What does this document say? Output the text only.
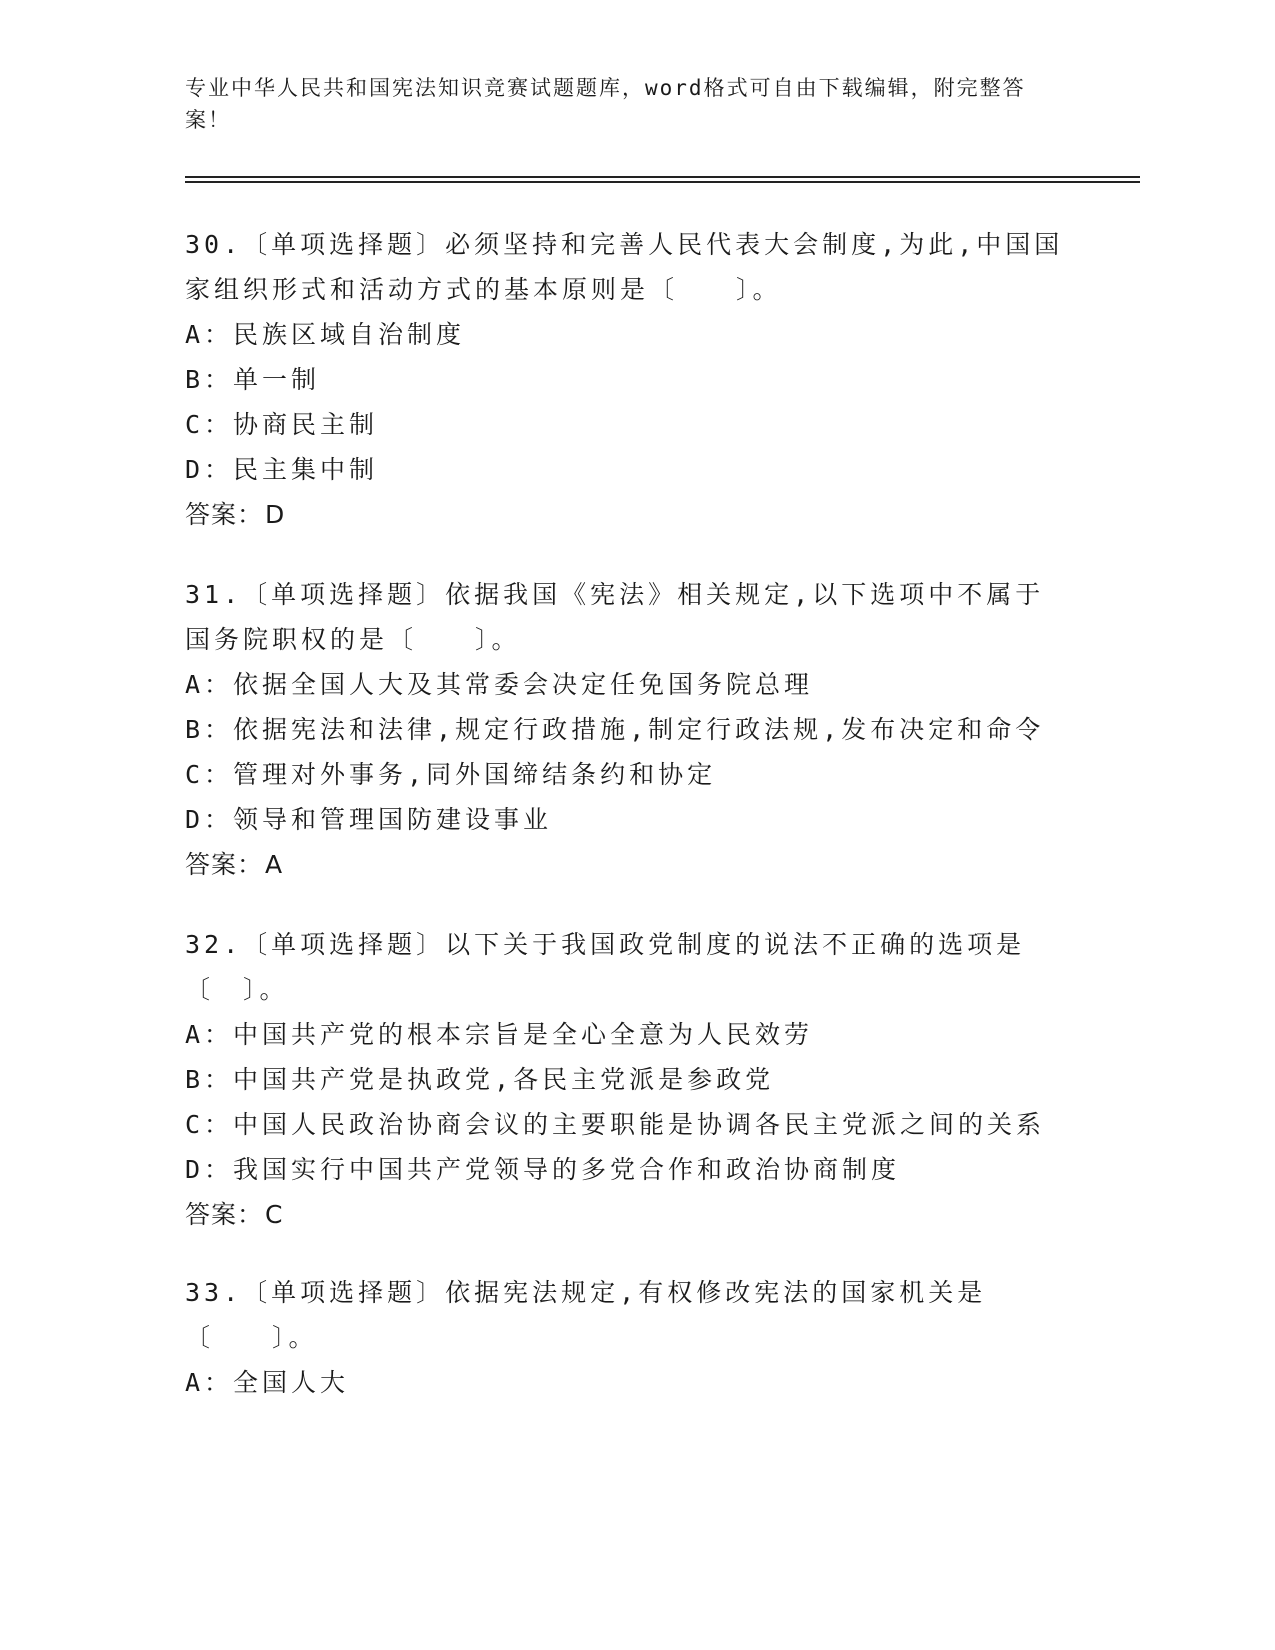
专业中华人民共和国宪法知识竞赛试题题库，word格式可自由下载编辑，附完整答案！
30.〔单项选择题〕必须坚持和完善人民代表大会制度,为此,中国国家组织形式和活动方式的基本原则是〔　　〕。
A：民族区域自治制度
B：单一制
C：协商民主制
D：民主集中制
答案：D
31.〔单项选择题〕依据我国《宪法》相关规定,以下选项中不属于国务院职权的是〔　　〕。
A：依据全国人大及其常委会决定任免国务院总理
B：依据宪法和法律,规定行政措施,制定行政法规,发布决定和命令
C：管理对外事务,同外国缔结条约和协定
D：领导和管理国防建设事业
答案：A
32.〔单项选择题〕以下关于我国政党制度的说法不正确的选项是〔　〕。
A：中国共产党的根本宗旨是全心全意为人民效劳
B：中国共产党是执政党,各民主党派是参政党
C：中国人民政治协商会议的主要职能是协调各民主党派之间的关系
D：我国实行中国共产党领导的多党合作和政治协商制度
答案：C
33.〔单项选择题〕依据宪法规定,有权修改宪法的国家机关是〔　　〕。
A：全国人大
